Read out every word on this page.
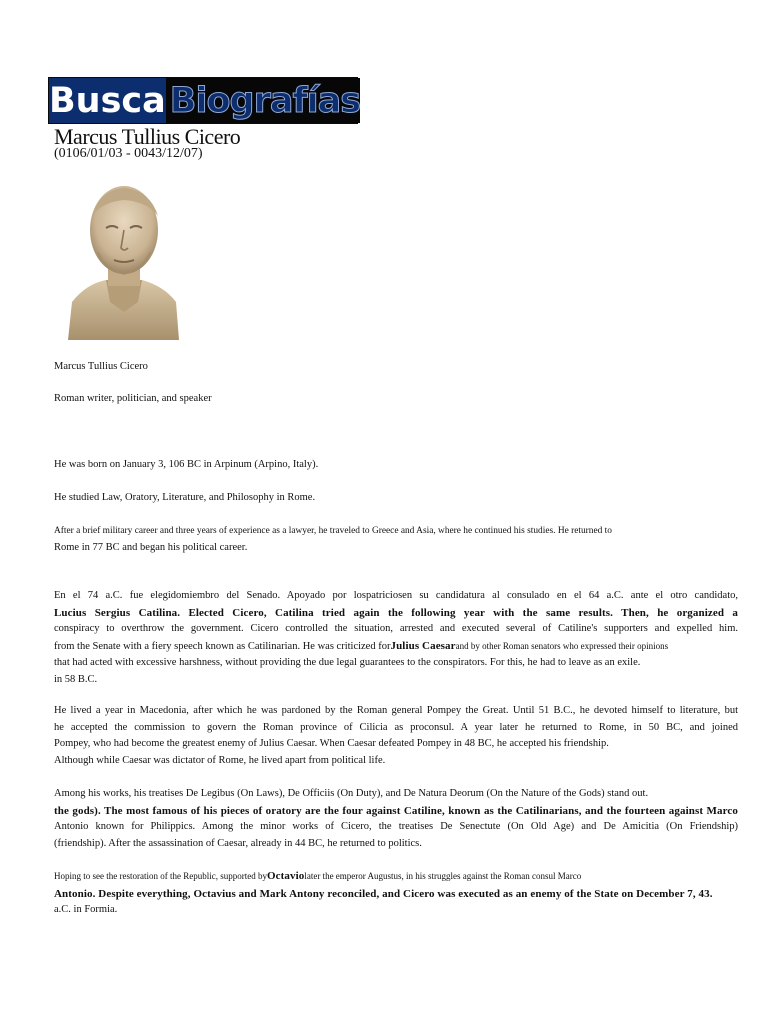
Busca Biografías
Marcus Tullius Cicero
(0106/01/03 - 0043/12/07)
Marcus Tullius Cicero
Roman writer, politician, and speaker
He was born on January 3, 106 BC in Arpinum (Arpino, Italy).
He studied Law, Oratory, Literature, and Philosophy in Rome.
After a brief military career and three years of experience as a lawyer, he traveled to Greece and Asia, where he continued his studies. He returned to
Rome in 77 BC and began his political career.
En el 74 a.C. fue elegidomiembro del Senado. Apoyado por lospatriciosen su candidatura al consulado en el 64 a.C. ante el otro candidato,
Lucius Sergius Catilina. Elected Cicero, Catilina tried again the following year with the same results. Then, he organized a
conspiracy to overthrow the government. Cicero controlled the situation, arrested and executed several of Catiline's supporters and expelled him.
from the Senate with a fiery speech known as Catilinarian. He was criticized forJulius Caesarand by other Roman senators who expressed their opinions
that had acted with excessive harshness, without providing the due legal guarantees to the conspirators. For this, he had to leave as an exile.
in 58 B.C.
He lived a year in Macedonia, after which he was pardoned by the Roman general Pompey the Great. Until 51 B.C., he devoted himself to literature, but
he accepted the commission to govern the Roman province of Cilicia as proconsul. A year later he returned to Rome, in 50 BC, and joined
Pompey, who had become the greatest enemy of Julius Caesar. When Caesar defeated Pompey in 48 BC, he accepted his friendship.
Although while Caesar was dictator of Rome, he lived apart from political life.
Among his works, his treatises De Legibus (On Laws), De Officiis (On Duty), and De Natura Deorum (On the Nature of the Gods) stand out.
the gods). The most famous of his pieces of oratory are the four against Catiline, known as the Catilinarians, and the fourteen against Marco
Antonio known for Philippics. Among the minor works of Cicero, the treatises De Senectute (On Old Age) and De Amicitia (On Friendship)
(friendship). After the assassination of Caesar, already in 44 BC, he returned to politics.
Hoping to see the restoration of the Republic, supported byOctaviolater the emperor Augustus, in his struggles against the Roman consul Marco
Antonio. Despite everything, Octavius and Mark Antony reconciled, and Cicero was executed as an enemy of the State on December 7, 43.
a.C. in Formia.
